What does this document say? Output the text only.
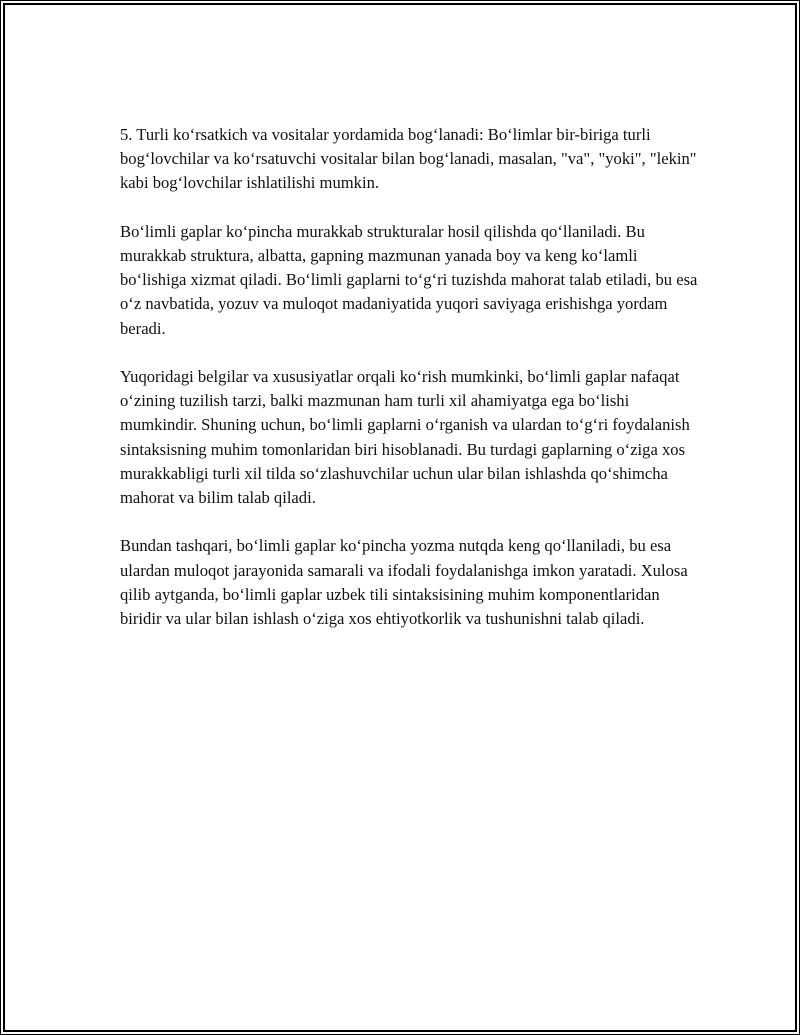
5. Turli ko‘rsatkich va vositalar yordamida bog‘lanadi: Bo‘limlar bir-biriga turli bog‘lovchilar va ko‘rsatuvchi vositalar bilan bog‘lanadi, masalan, "va", "yoki", "lekin" kabi bog‘lovchilar ishlatilishi mumkin.

Bo‘limli gaplar ko‘pincha murakkab strukturalar hosil qilishda qo‘llaniladi. Bu murakkab struktura, albatta, gapning mazmunan yanada boy va keng ko‘lamli bo‘lishiga xizmat qiladi. Bo‘limli gaplarni to‘g‘ri tuzishda mahorat talab etiladi, bu esa o‘z navbatida, yozuv va muloqot madaniyatida yuqori saviyaga erishishga yordam beradi.

Yuqoridagi belgilar va xususiyatlar orqali ko‘rish mumkinki, bo‘limli gaplar nafaqat o‘zining tuzilish tarzi, balki mazmunan ham turli xil ahamiyatga ega bo‘lishi mumkindir. Shuning uchun, bo‘limli gaplarni o‘rganish va ulardan to‘g‘ri foydalanish sintaksisning muhim tomonlaridan biri hisoblanadi. Bu turdagi gaplarning o‘ziga xos murakkabligi turli xil tilda so‘zlashuvchilar uchun ular bilan ishlashda qo‘shimcha mahorat va bilim talab qiladi.

Bundan tashqari, bo‘limli gaplar ko‘pincha yozma nutqda keng qo‘llaniladi, bu esa ulardan muloqot jarayonida samarali va ifodali foydalanishga imkon yaratadi. Xulosa qilib aytganda, bo‘limli gaplar uzbek tili sintaksisining muhim komponentlaridan biridir va ular bilan ishlash o‘ziga xos ehtiyotkorlik va tushunishni talab qiladi.
